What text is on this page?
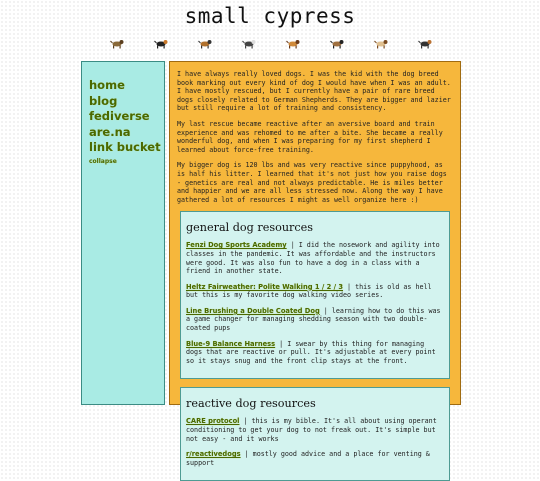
small cypress
home
blog
fediverse
are.na
link bucket
collapse

I have always really loved dogs. I was the kid with the dog breed book marking out every kind of dog I would have when I was an adult. I have mostly rescued, but I currently have a pair of rare breed dogs closely related to German Shepherds. They are bigger and lazier but still require a lot of training and consistency.

My last rescue became reactive after an aversive board and train experience and was rehomed to me after a bite. She became a really wonderful dog, and when I was preparing for my first shepherd I learned about force-free training.

My bigger dog is 120 lbs and was very reactive since puppyhood, as is half his litter. I learned that it's not just how you raise dogs - genetics are real and not always predictable. He is miles better and happier and we are all less stressed now. Along the way I have gathered a lot of resources I might as well organize here :)

general dog resources
Fenzi Dog Sports Academy | I did the nosework and agility into classes in the pandemic. It was affordable and the instructors were good. It was also fun to have a dog in a class with a friend in another state.
Heltz Fairweather: Polite Walking 1 / 2 / 3 | this is old as hell but this is my favorite dog walking video series.
Line Brushing a Double Coated Dog | learning how to do this was a game changer for managing shedding season with two double-coated pups
Blue-9 Balance Harness | I swear by this thing for managing dogs that are reactive or pull. It's adjustable at every point so it stays snug and the front clip stays at the front.
reactive dog resources
CARE protocol | this is my bible. It's all about using operant conditioning to get your dog to not freak out. It's simple but not easy - and it works
r/reactivedogs | mostly good advice and a place for venting & support
